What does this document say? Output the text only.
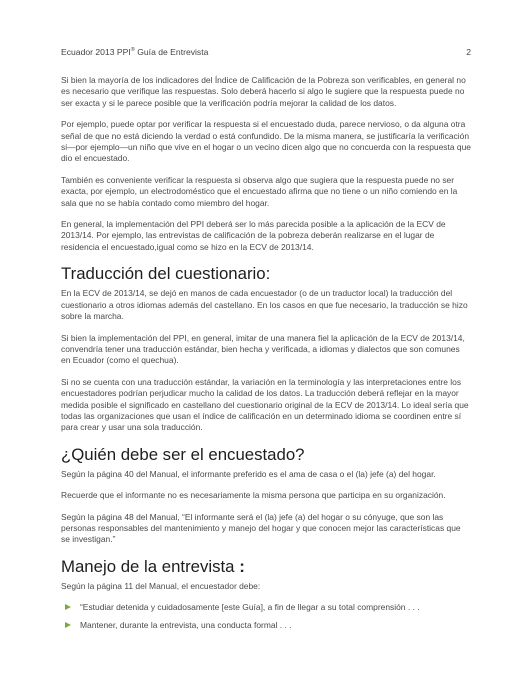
Ecuador 2013 PPI® Guía de Entrevista	2

Si bien la mayoría de los indicadores del Índice de Calificación de la Pobreza son verificables, en general no es necesario que verifique las respuestas. Solo deberá hacerlo si algo le sugiere que la respuesta puede no ser exacta y si le parece posible que la verificación podría mejorar la calidad de los datos.

Por ejemplo, puede optar por verificar la respuesta si el encuestado duda, parece nervioso, o da alguna otra señal de que no está diciendo la verdad o está confundido. De la misma manera, se justificaría la verificación si—por ejemplo—un niño que vive en el hogar o un vecino dicen algo que no concuerda con la respuesta que dio el encuestado.

También es conveniente verificar la respuesta si observa algo que sugiera que la respuesta puede no ser exacta, por ejemplo, un electrodoméstico que el encuestado afirma que no tiene o un niño comiendo en la sala que no se había contado como miembro del hogar.

En general, la implementación del PPI deberá ser lo más parecida posible a la aplicación de la ECV de 2013/14. Por ejemplo, las entrevistas de calificación de la pobreza deberán realizarse en el lugar de residencia el encuestado,igual como se hizo en la ECV de 2013/14.

Traducción del cuestionario:

En la ECV de 2013/14, se dejó en manos de cada encuestador (o de un traductor local) la traducción del cuestionario a otros idiomas además del castellano. En los casos en que fue necesario, la traducción se hizo sobre la marcha.

Si bien la implementación del PPI, en general, imitar de una manera fiel la aplicación de la ECV de 2013/14, convendría tener una traducción estándar, bien hecha y verificada, a idiomas y dialectos que son comunes en Ecuador (como el quechua).

Si no se cuenta con una traducción estándar, la variación en la terminología y las interpretaciones entre los encuestadores podrían perjudicar mucho la calidad de los datos. La traducción deberá reflejar en la mayor medida posible el significado en castellano del cuestionario original de la ECV de 2013/14. Lo ideal sería que todas las organizaciones que usan el índice de calificación en un determinado idioma se coordinen entre sí para crear y usar una sola traducción.

¿Quién debe ser el encuestado?

Según la página 40 del Manual, el informante preferido es el ama de casa o el (la) jefe (a) del hogar.

Recuerde que el informante no es necesariamente la misma persona que participa en su organización.

Según la página 48 del Manual, “El informante será el (la) jefe (a) del hogar o su cónyuge, que son las personas responsables del mantenimiento y manejo del hogar y que conocen mejor las características que se investigan.”

Manejo de la entrevista :

Según la página 11 del Manual, el encuestador debe:

“Estudiar detenida y cuidadosamente [este Guía], a fin de llegar a su total comprensión . . .
Mantener, durante la entrevista, una conducta formal . . .
